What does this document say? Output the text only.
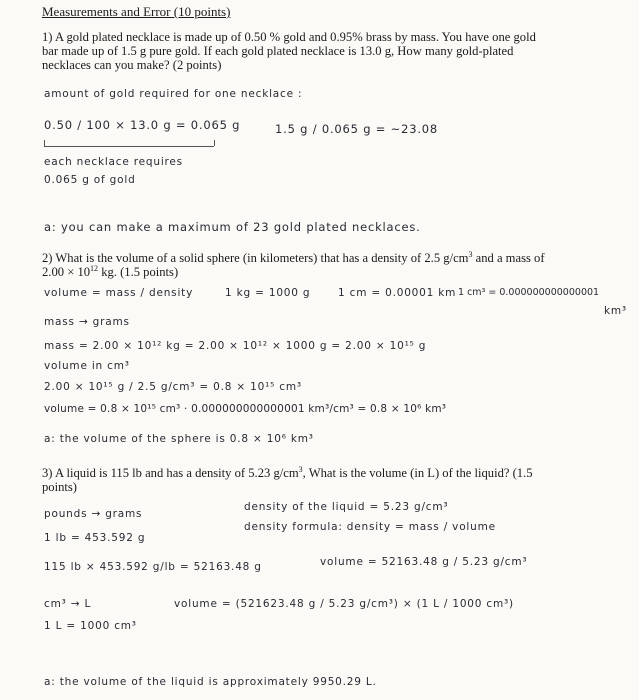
Measurements and Error (10 points)
1) A gold plated necklace is made up of 0.50 % gold and 0.95% brass by mass. You have one gold bar made up of 1.5 g pure gold. If each gold plated necklace is 13.0 g, How many gold-plated necklaces can you make? (2 points)
amount of gold required for one necklace :
0.50 / 100 × 13.0 g = 0.065 g	1.5 g / 0.065 g = ~23.08
each necklace requires
0.065 g of gold
a: you can make a maximum of 23 gold plated necklaces.
2) What is the volume of a solid sphere (in kilometers) that has a density of 2.5 $g/cm^3$ and a mass of $2.00 \times 10^{12}$ kg. (1.5 points)
volume = mass / density	1 kg = 1000 g	1 cm = 0.00001 km 1 cm³ = 0.000000000000001
km³
mass → grams
mass = 2.00 × 10¹² kg = 2.00 × 10¹² × 1000 g = 2.00 × 10¹⁵ g
volume in cm³
2.00 × 10¹⁵ g / 2.5 g/cm³ = 0.8 × 10¹⁵ cm³
volume = 0.8 × 10¹⁵ cm³ · 0.000000000000001 km³/cm³ = 0.8 × 10⁶ km³
a: the volume of the sphere is 0.8 × 10⁶ km³
3) A liquid is 115 lb and has a density of 5.23 $g/cm^3$, What is the volume (in L) of the liquid? (1.5 points)
pounds → grams
1 lb = 453.592 g
density of the liquid = 5.23 g/cm³
density formula: density = mass / volume
115 lb × 453.592 g/lb = 52163.48 g	volume = 52163.48 g / 5.23 g/cm³
cm³ → L
1 L = 1000 cm³
volume = (521623.48 g / 5.23 g/cm³) × (1 L / 1000 cm³)
a: the volume of the liquid is approximately 9950.29 L.
